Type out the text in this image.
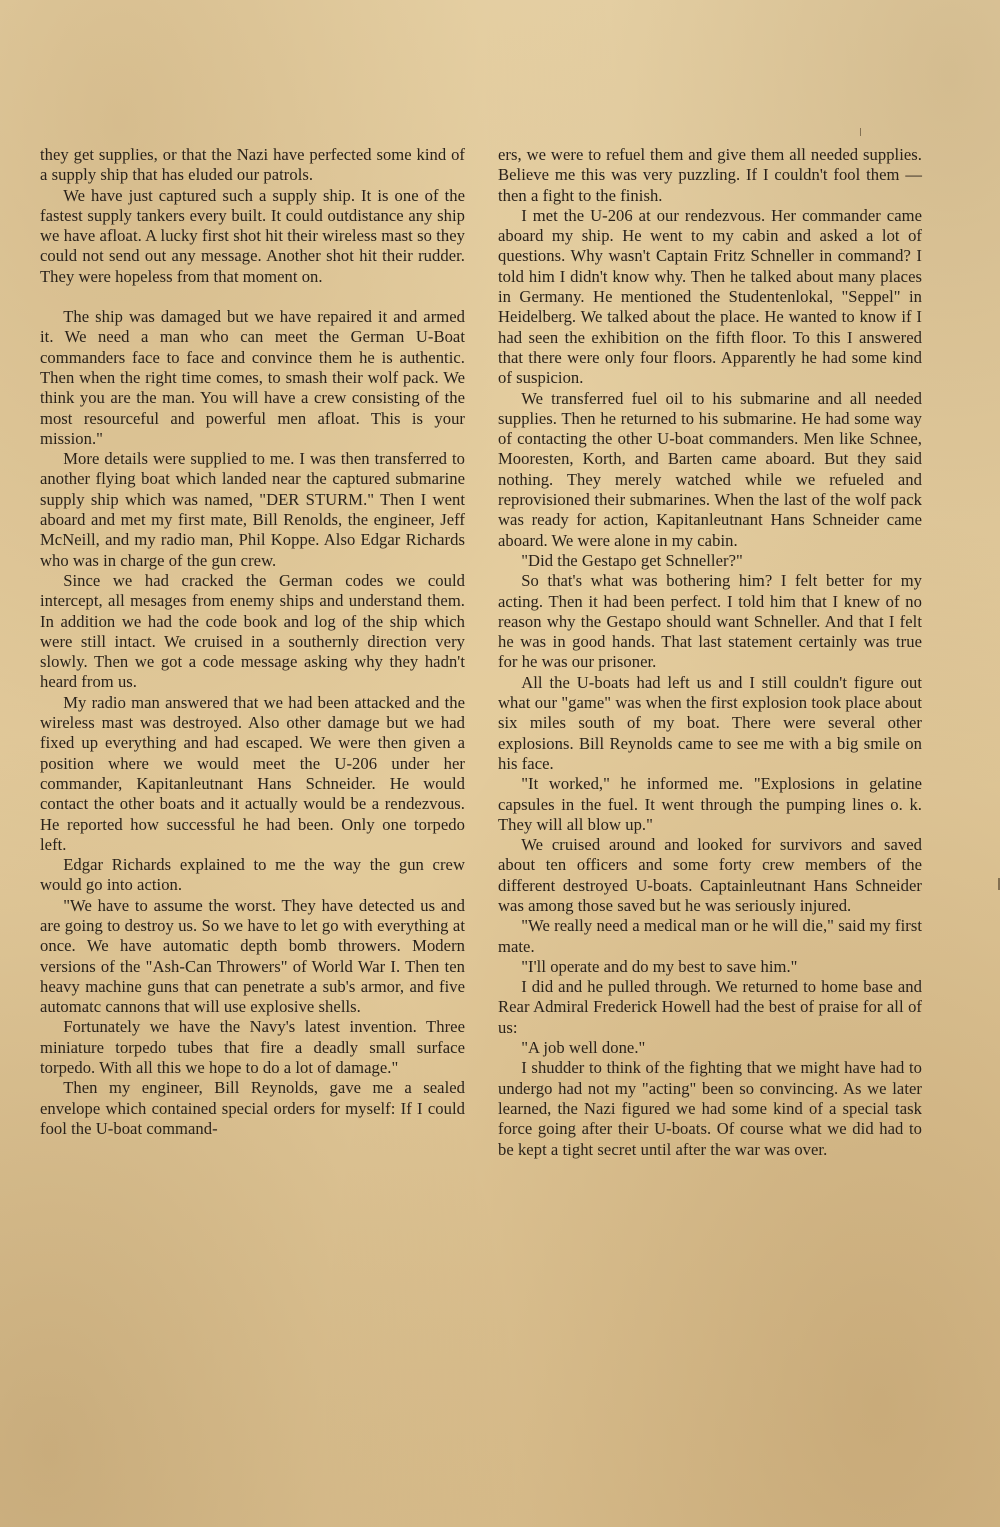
they get supplies, or that the Nazi have perfected some kind of a supply ship that has eluded our patrols.

We have just captured such a supply ship. It is one of the fastest supply tankers every built. It could outdistance any ship we have afloat. A lucky first shot hit their wireless mast so they could not send out any message. Another shot hit their rudder. They were hopeless from that moment on.

The ship was damaged but we have repaired it and armed it. We need a man who can meet the German U-Boat commanders face to face and convince them he is authentic. Then when the right time comes, to smash their wolf pack. We think you are the man. You will have a crew consisting of the most resourceful and powerful men afloat. This is your mission."

More details were supplied to me. I was then transferred to another flying boat which landed near the captured submarine supply ship which was named, "DER STURM." Then I went aboard and met my first mate, Bill Renolds, the engineer, Jeff McNeill, and my radio man, Phil Koppe. Also Edgar Richards who was in charge of the gun crew.

Since we had cracked the German codes we could intercept, all mesages from enemy ships and understand them. In addition we had the code book and log of the ship which were still intact. We cruised in a southernly direction very slowly. Then we got a code message asking why they hadn't heard from us.

My radio man answered that we had been attacked and the wireless mast was destroyed. Also other damage but we had fixed up everything and had escaped. We were then given a position where we would meet the U-206 under her commander, Kapitanleutnant Hans Schneider. He would contact the other boats and it actually would be a rendezvous. He reported how successful he had been. Only one torpedo left.

Edgar Richards explained to me the way the gun crew would go into action.

"We have to assume the worst. They have detected us and are going to destroy us. So we have to let go with everything at once. We have automatic depth bomb throwers. Modern versions of the "Ash-Can Throwers" of World War I. Then ten heavy machine guns that can penetrate a sub's armor, and five automatc cannons that will use explosive shells.

Fortunately we have the Navy's latest invention. Three miniature torpedo tubes that fire a deadly small surface torpedo. With all this we hope to do a lot of damage."

Then my engineer, Bill Reynolds, gave me a sealed envelope which contained special orders for myself: If I could fool the U-boat command-

ers, we were to refuel them and give them all needed supplies. Believe me this was very puzzling. If I couldn't fool them — then a fight to the finish.

I met the U-206 at our rendezvous. Her commander came aboard my ship. He went to my cabin and asked a lot of questions. Why wasn't Captain Fritz Schneller in command? I told him I didn't know why. Then he talked about many places in Germany. He mentioned the Studentenlokal, "Seppel" in Heidelberg. We talked about the place. He wanted to know if I had seen the exhibition on the fifth floor. To this I answered that there were only four floors. Apparently he had some kind of suspicion.

We transferred fuel oil to his submarine and all needed supplies. Then he returned to his submarine. He had some way of contacting the other U-boat commanders. Men like Schnee, Mooresten, Korth, and Barten came aboard. But they said nothing. They merely watched while we refueled and reprovisioned their submarines. When the last of the wolf pack was ready for action, Kapitanleutnant Hans Schneider came aboard. We were alone in my cabin.

"Did the Gestapo get Schneller?"

So that's what was bothering him? I felt better for my acting. Then it had been perfect. I told him that I knew of no reason why the Gestapo should want Schneller. And that I felt he was in good hands. That last statement certainly was true for he was our prisoner.

All the U-boats had left us and I still couldn't figure out what our "game" was when the first explosion took place about six miles south of my boat. There were several other explosions. Bill Reynolds came to see me with a big smile on his face.

"It worked," he informed me. "Explosions in gelatine capsules in the fuel. It went through the pumping lines o. k. They will all blow up."

We cruised around and looked for survivors and saved about ten officers and some forty crew members of the different destroyed U-boats. Captainleutnant Hans Schneider was among those saved but he was seriously injured.

"We really need a medical man or he will die," said my first mate.

"I'll operate and do my best to save him."

I did and he pulled through. We returned to home base and Rear Admiral Frederick Howell had the best of praise for all of us:

"A job well done."

I shudder to think of the fighting that we might have had to undergo had not my "acting" been so convincing. As we later learned, the Nazi figured we had some kind of a special task force going after their U-boats. Of course what we did had to be kept a tight secret until after the war was over.
